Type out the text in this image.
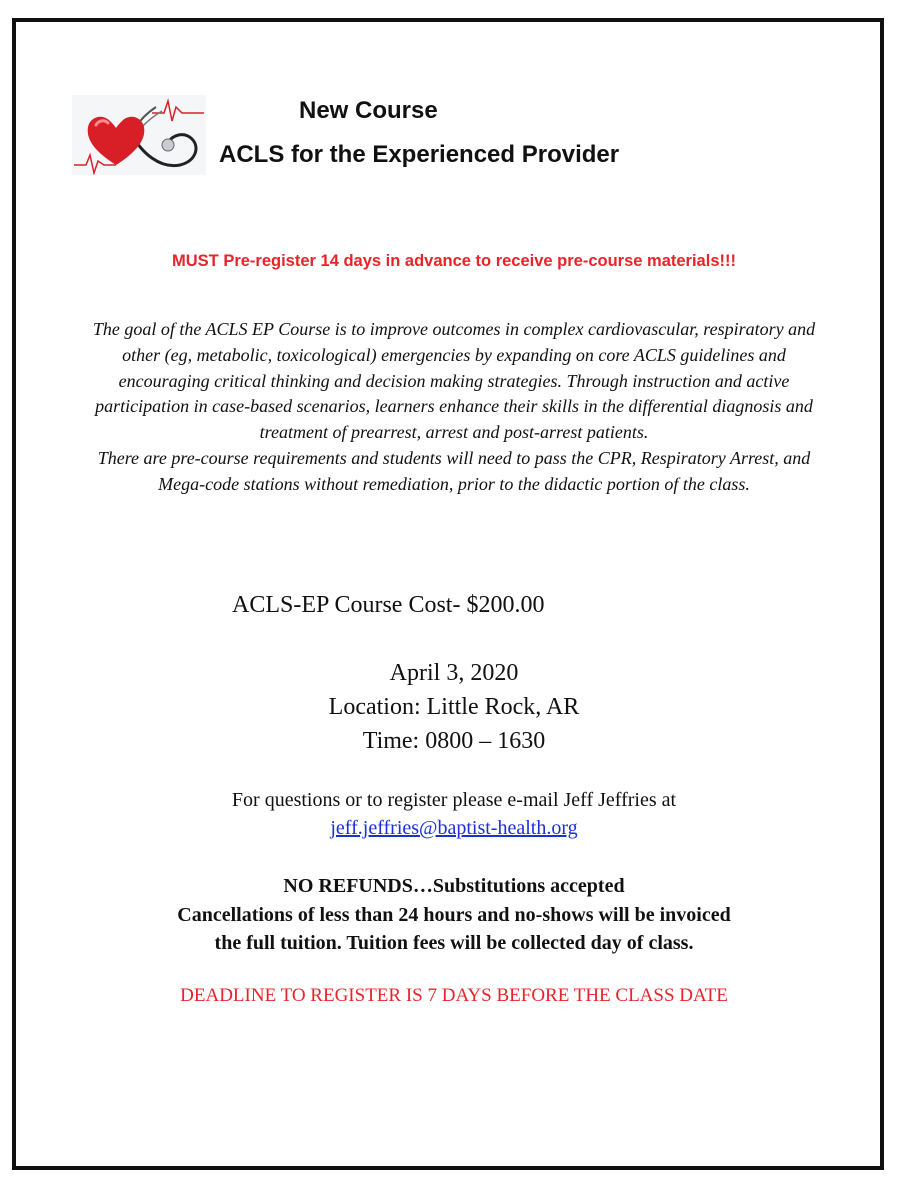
New Course
ACLS for the Experienced Provider
MUST Pre-register 14 days in advance to receive pre-course materials!!!

The goal of the ACLS EP Course is to improve outcomes in complex cardiovascular, respiratory and other (eg, metabolic, toxicological) emergencies by expanding on core ACLS guidelines and encouraging critical thinking and decision making strategies. Through instruction and active participation in case-based scenarios, learners enhance their skills in the differential diagnosis and treatment of prearrest, arrest and post-arrest patients.

There are pre-course requirements and students will need to pass the CPR, Respiratory Arrest, and Mega-code stations without remediation, prior to the didactic portion of the class.

ACLS-EP Course Cost- $200.00
April 3, 2020
Location: Little Rock, AR
Time: 0800 – 1630
For questions or to register please e-mail Jeff Jeffries at
jeff.jeffries@baptist-health.org
NO REFUNDS…Substitutions accepted
Cancellations of less than 24 hours and no-shows will be invoiced
the full tuition. Tuition fees will be collected day of class.
DEADLINE TO REGISTER IS 7 DAYS BEFORE THE CLASS DATE
